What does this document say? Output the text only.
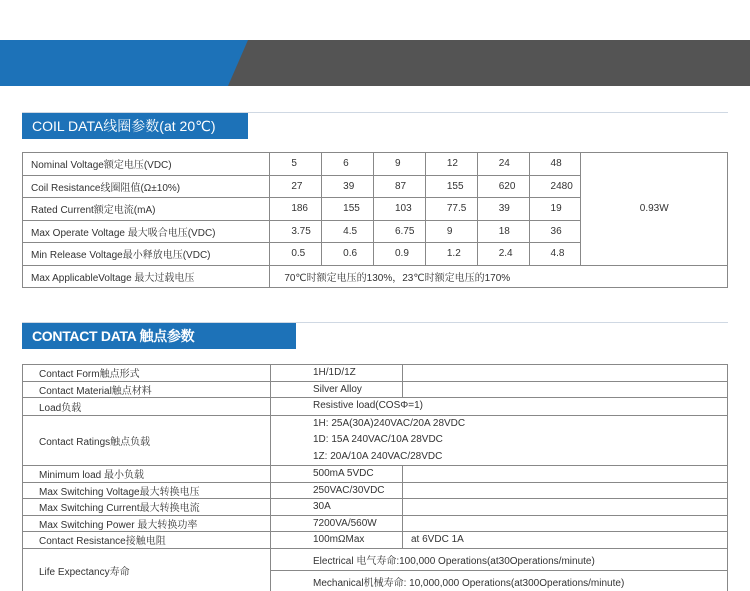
COIL DATA线圈参数(at 20℃)
Nominal Voltage额定电压(VDC)	5	6	9	12	24	48	0.93W
Coil Resistance线圈阻值(Ω±10%)	27	39	87	155	620	2480	
Rated Current额定电流(mA)	186	155	103	77.5	39	19	
Max Operate Voltage 最大吸合电压(VDC)	3.75	4.5	6.75	9	18	36	
Min Release Voltage最小释放电压(VDC)	0.5	0.6	0.9	1.2	2.4	4.8	
Max ApplicableVoltage 最大过载电压	70℃时额定电压的130%，23℃时额定电压的170%						
CONTACT DATA 触点参数
Contact Form触点形式	1H/1D/1Z	
Contact Material触点材料	Silver Alloy	
Load负载	Resistive load(COSΦ=1)	
Contact Ratings触点负载	1H: 25A(30A)240VAC/20A 28VDC
1D: 15A 240VAC/10A 28VDC
1Z: 20A/10A 240VAC/28VDC	

Minimum load 最小负载	500mA 5VDC	
Max Switching Voltage最大转换电压	250VAC/30VDC	
Max Switching Current最大转换电流	30A	
Max Switching Power 最大转换功率	7200VA/560W	
Contact Resistance接触电阻	100mΩMax	at 6VDC 1A
Life Expectancy寿命	Electrical 电气寿命:100,000 Operations(at30Operations/minute)	
	Mechanical机械寿命: 10,000,000 Operations(at300Operations/minute)	
